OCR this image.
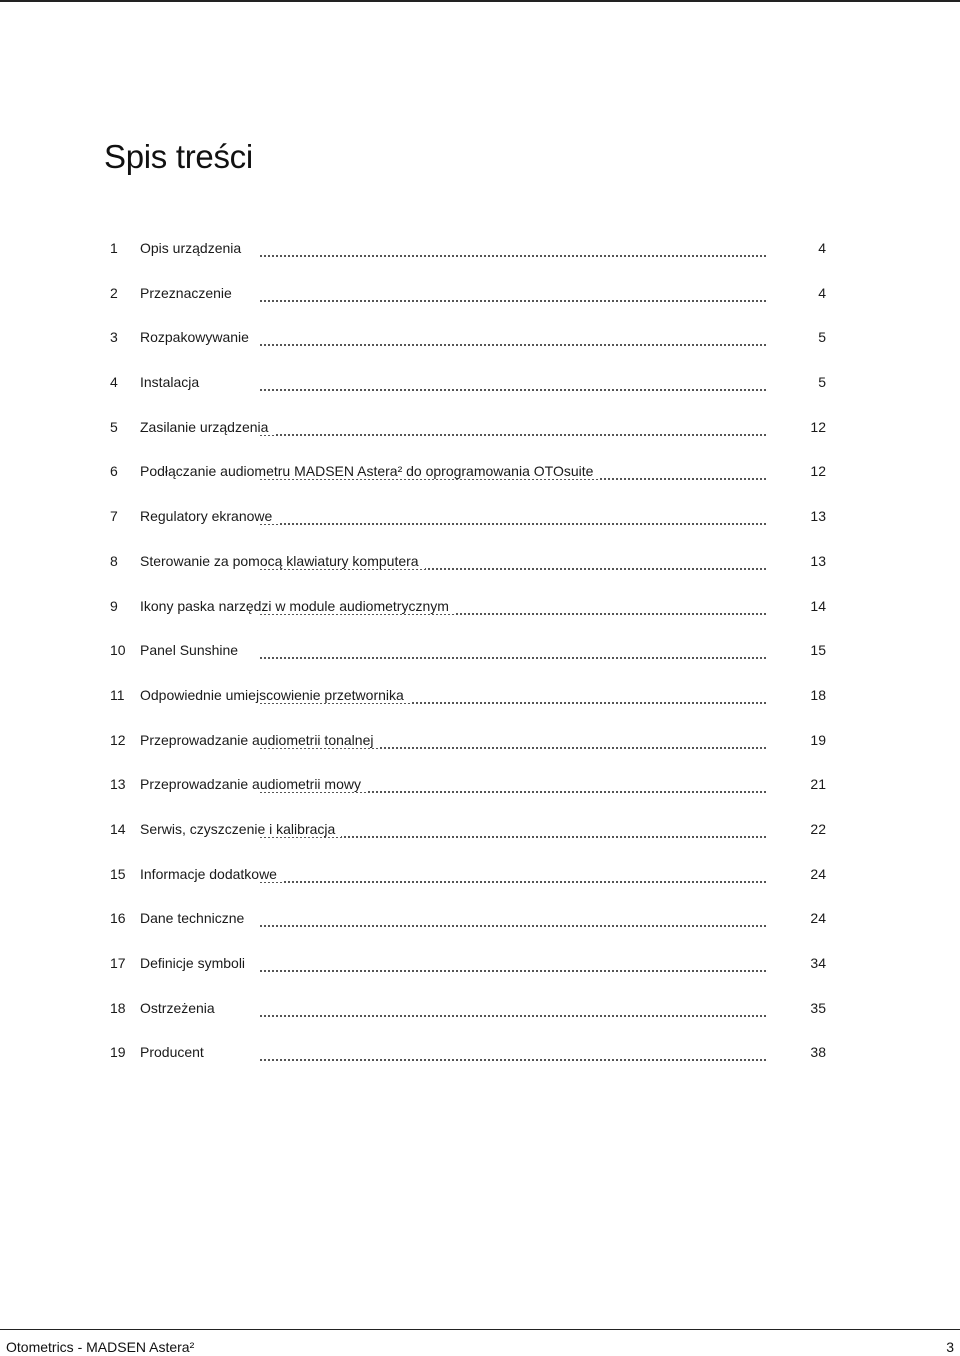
Spis treści
1	Opis urządzenia	4
2	Przeznaczenie	4
3	Rozpakowywanie	5
4	Instalacja	5
5	Zasilanie urządzenia	12
6	Podłączanie audiometru MADSEN Astera² do oprogramowania OTOsuite	12
7	Regulatory ekranowe	13
8	Sterowanie za pomocą klawiatury komputera	13
9	Ikony paska narzędzi w module audiometrycznym	14
10	Panel Sunshine	15
11	Odpowiednie umiejscowienie przetwornika	18
12	Przeprowadzanie audiometrii tonalnej	19
13	Przeprowadzanie audiometrii mowy	21
14	Serwis, czyszczenie i kalibracja	22
15	Informacje dodatkowe	24
16	Dane techniczne	24
17	Definicje symboli	34
18	Ostrzeżenia	35
19	Producent	38
Otometrics - MADSEN Astera²	3
